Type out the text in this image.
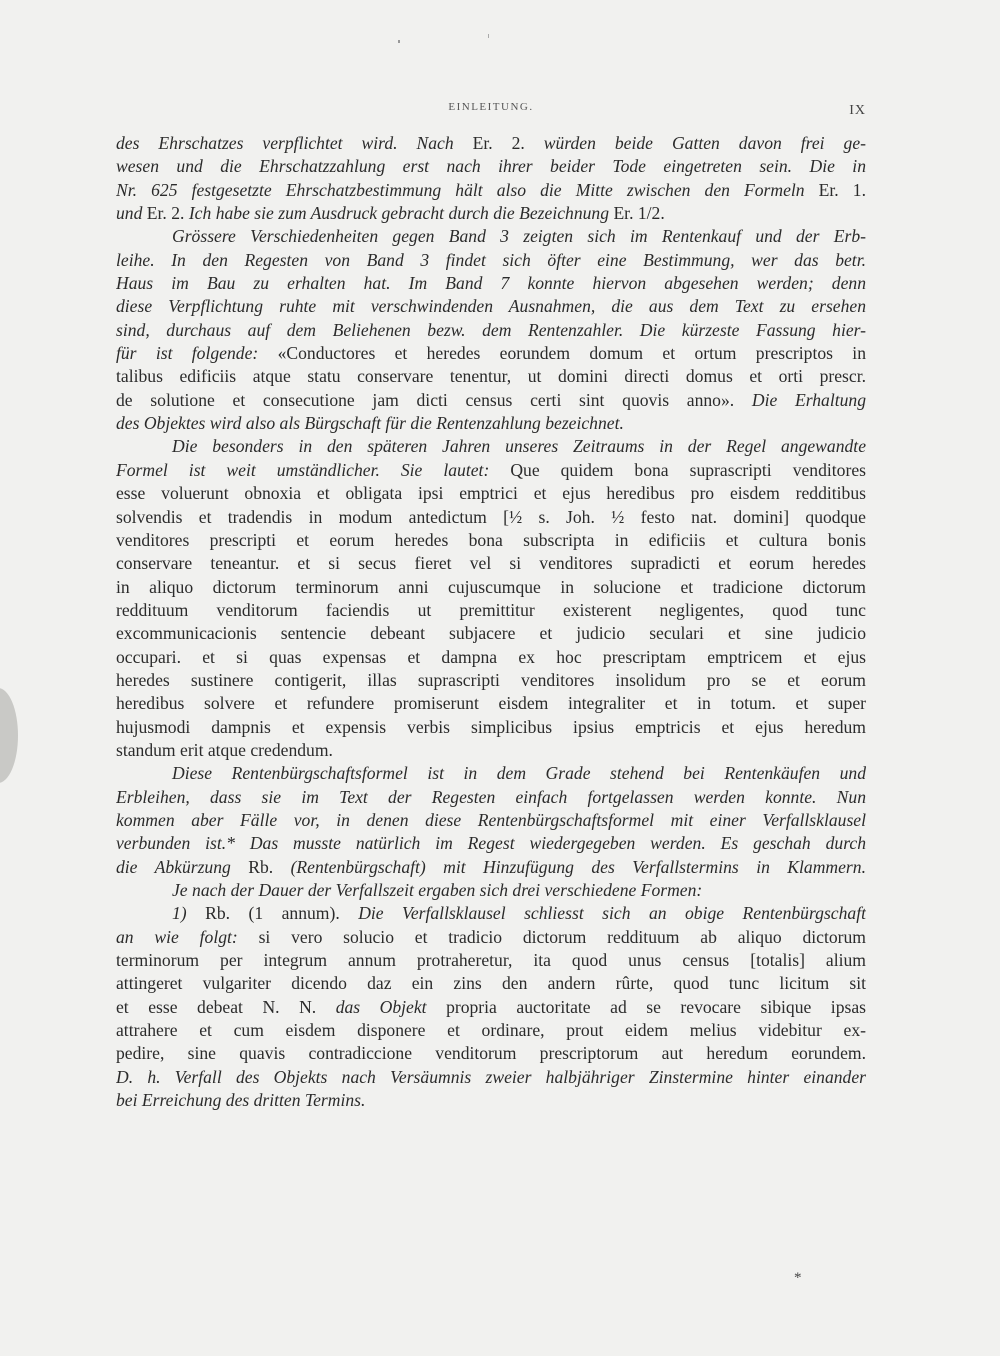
EINLEITUNG.	IX
des Ehrschatzes verpflichtet wird. Nach Er. 2. würden beide Gatten davon frei ge-
wesen und die Ehrschatzzahlung erst nach ihrer beider Tode eingetreten sein. Die in
Nr. 625 festgesetzte Ehrschatzbestimmung hält also die Mitte zwischen den Formeln Er. 1.
und Er. 2. Ich habe sie zum Ausdruck gebracht durch die Bezeichnung Er. 1/2.
Grössere Verschiedenheiten gegen Band 3 zeigten sich im Rentenkauf und der Erb-
leihe. In den Regesten von Band 3 findet sich öfter eine Bestimmung, wer das betr.
Haus im Bau zu erhalten hat. Im Band 7 konnte hiervon abgesehen werden; denn
diese Verpflichtung ruhte mit verschwindenden Ausnahmen, die aus dem Text zu ersehen
sind, durchaus auf dem Beliehenen bezw. dem Rentenzahler. Die kürzeste Fassung hier-
für ist folgende: «Conductores et heredes eorundem domum et ortum prescriptos in
talibus edificiis atque statu conservare tenentur, ut domini directi domus et orti prescr.
de solutione et consecutione jam dicti census certi sint quovis anno». Die Erhaltung
des Objektes wird also als Bürgschaft für die Rentenzahlung bezeichnet.
Die besonders in den späteren Jahren unseres Zeitraums in der Regel angewandte
Formel ist weit umständlicher. Sie lautet: Que quidem bona suprascripti venditores
esse voluerunt obnoxia et obligata ipsi emptrici et ejus heredibus pro eisdem redditibus
solvendis et tradendis in modum antedictum [½ s. Joh. ½ festo nat. domini] quodque
venditores prescripti et eorum heredes bona subscripta in edificiis et cultura bonis
conservare teneantur. et si secus fieret vel si venditores supradicti et eorum heredes
in aliquo dictorum terminorum anni cujuscumque in solucione et tradicione dictorum
reddituum venditorum faciendis ut premittitur existerent negligentes, quod tunc
excommunicacionis sentencie debeant subjacere et judicio seculari et sine judicio
occupari. et si quas expensas et dampna ex hoc prescriptam emptricem et ejus
heredes sustinere contigerit, illas suprascripti venditores insolidum pro se et eorum
heredibus solvere et refundere promiserunt eisdem integraliter et in totum. et super
hujusmodi dampnis et expensis verbis simplicibus ipsius emptricis et ejus heredum
standum erit atque credendum.
Diese Rentenbürgschaftsformel ist in dem Grade stehend bei Rentenkäufen und
Erbleihen, dass sie im Text der Regesten einfach fortgelassen werden konnte. Nun
kommen aber Fälle vor, in denen diese Rentenbürgschaftsformel mit einer Verfallsklausel
verbunden ist.* Das musste natürlich im Regest wiedergegeben werden. Es geschah durch
die Abkürzung Rb. (Rentenbürgschaft) mit Hinzufügung des Verfallstermins in Klammern.
Je nach der Dauer der Verfallszeit ergaben sich drei verschiedene Formen:
1) Rb. (1 annum). Die Verfallsklausel schliesst sich an obige Rentenbürgschaft
an wie folgt: si vero solucio et tradicio dictorum reddituum ab aliquo dictorum
terminorum per integrum annum protraheretur, ita quod unus census [totalis] alium
attingeret vulgariter dicendo daz ein zins den andern rûrte, quod tunc licitum sit
et esse debeat N. N. das Objekt propria auctoritate ad se revocare sibique ipsas
attrahere et cum eisdem disponere et ordinare, prout eidem melius videbitur ex-
pedire, sine quavis contradiccione venditorum prescriptorum aut heredum eorundem.
D. h. Verfall des Objekts nach Versäumnis zweier halbjähriger Zinstermine hinter einander
bei Erreichung des dritten Termins.
*
